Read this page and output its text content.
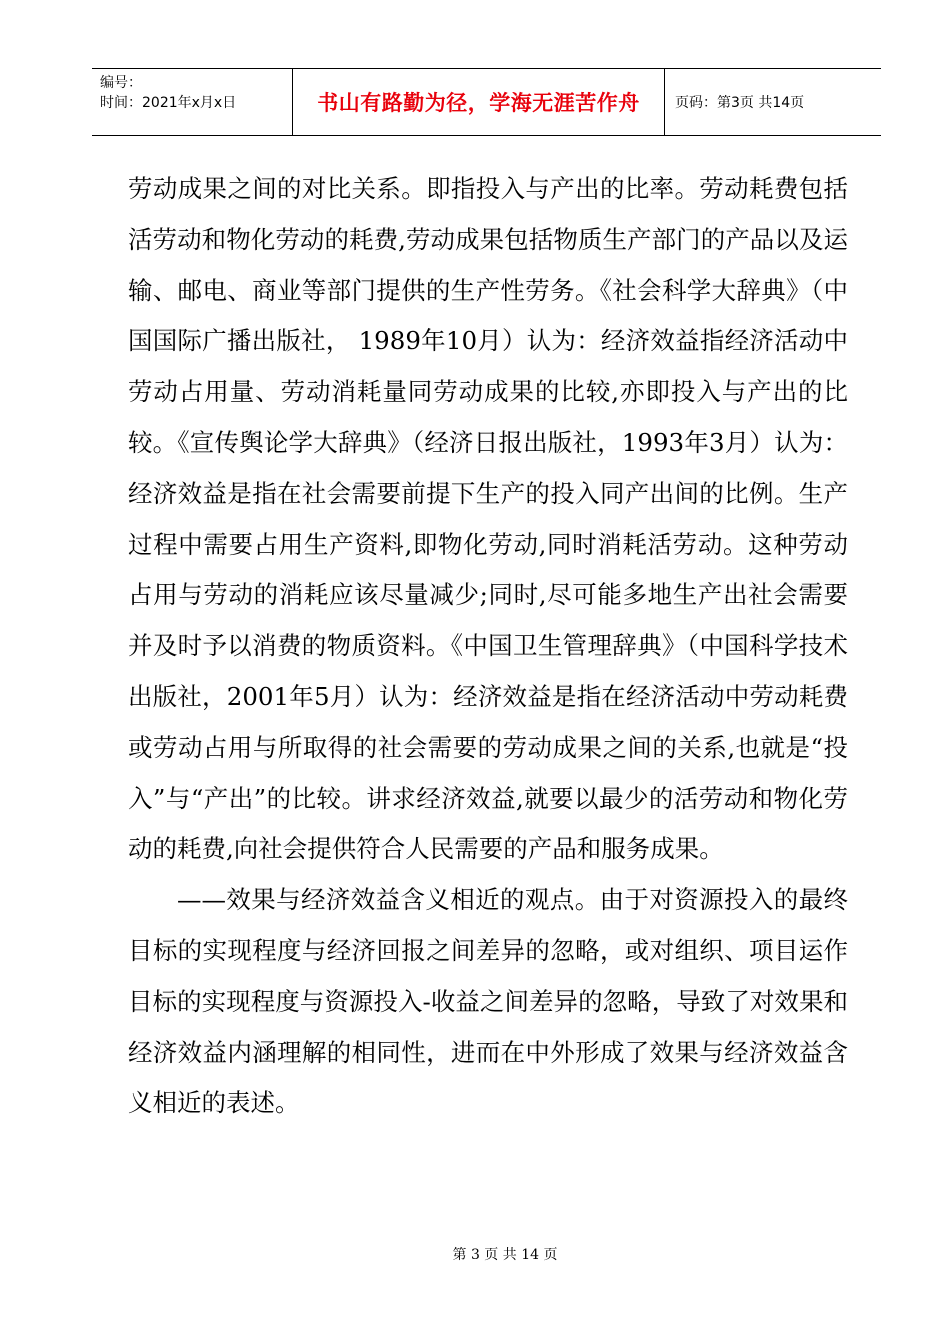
编号：
时间：2021年x月x日	书山有路勤为径，学海无涯苦作舟	页码：第3页 共14页

劳动成果之间的对比关系。即指投入与产出的比率。劳动耗费包括活劳动和物化劳动的耗费,劳动成果包括物质生产部门的产品以及运输、邮电、商业等部门提供的生产性劳务。《社会科学大辞典》（中国国际广播出版社， 1989年10月）认为：经济效益指经济活动中劳动占用量、劳动消耗量同劳动成果的比较,亦即投入与产出的比较。《宣传舆论学大辞典》（经济日报出版社，1993年3月）认为：经济效益是指在社会需要前提下生产的投入同产出间的比例。生产过程中需要占用生产资料,即物化劳动,同时消耗活劳动。这种劳动占用与劳动的消耗应该尽量减少;同时,尽可能多地生产出社会需要并及时予以消费的物质资料。《中国卫生管理辞典》（中国科学技术出版社，2001年5月）认为：经济效益是指在经济活动中劳动耗费或劳动占用与所取得的社会需要的劳动成果之间的关系,也就是“投入”与“产出”的比较。讲求经济效益,就要以最少的活劳动和物化劳动的耗费,向社会提供符合人民需要的产品和服务成果。

——效果与经济效益含义相近的观点。由于对资源投入的最终目标的实现程度与经济回报之间差异的忽略，或对组织、项目运作目标的实现程度与资源投入-收益之间差异的忽略，导致了对效果和经济效益内涵理解的相同性，进而在中外形成了效果与经济效益含义相近的表述。

第 3 页 共 14 页
